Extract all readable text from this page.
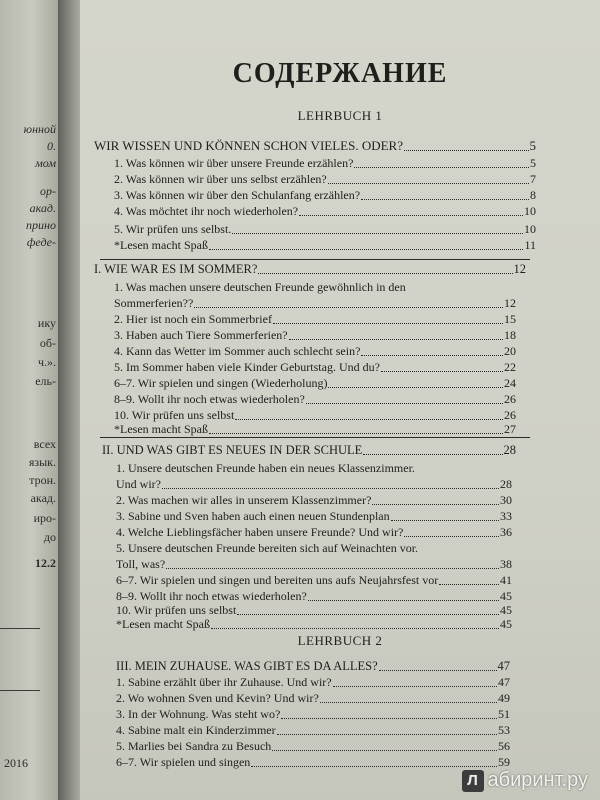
юнной
0.
мом
ор-
акад.
прино
феде-
ику
об-
ч.».
ель-
всех
язык.
трон.
акад.
иро-
до
12.2
2016
СОДЕРЖАНИЕ
LEHRBUCH 1
LEHRBUCH 2
WIR WISSEN UND KÖNNEN SCHON VIELES. ODER?	5
1. Was können wir über unsere Freunde erzählen?	5
2. Was können wir über uns selbst erzählen?	7
3. Was können wir über den Schulanfang erzählen?	8
4. Was möchtet ihr noch wiederholen?	10
5. Wir prüfen uns selbst.	10
*Lesen macht Spaß	11
I. WIE WAR ES IM SOMMER?	12
1. Was machen unsere deutschen Freunde gewöhnlich in den
Sommerferien??	12
2. Hier ist noch ein Sommerbrief	15
3. Haben auch Tiere Sommerferien?	18
4. Kann das Wetter im Sommer auch schlecht sein?	20
5. Im Sommer haben viele Kinder Geburtstag. Und du?	22
6–7. Wir spielen und singen (Wiederholung)	24
8–9. Wollt ihr noch etwas wiederholen?	26
10. Wir prüfen uns selbst	26
*Lesen macht Spaß	27
II. UND WAS GIBT ES NEUES IN DER SCHULE	28
1. Unsere deutschen Freunde haben ein neues Klassenzimmer.
Und wir?	28
2. Was machen wir alles in unserem Klassenzimmer?	30
3. Sabine und Sven haben auch einen neuen Stundenplan	33
4. Welche Lieblingsfächer haben unsere Freunde? Und wir?	36
5. Unsere deutschen Freunde bereiten sich auf Weinachten vor.
Toll, was?	38
6–7. Wir spielen und singen und bereiten uns aufs Neujahrsfest vor	41
8–9. Wollt ihr noch etwas wiederholen?	45
10. Wir prüfen uns selbst	45
*Lesen macht Spaß	45
III. MEIN ZUHAUSE. WAS GIBT ES DA ALLES?	47
1. Sabine erzählt über ihr Zuhause. Und wir?	47
2. Wo wohnen Sven und Kevin? Und wir?	49
3. In der Wohnung. Was steht wo?	51
4. Sabine malt ein Kinderzimmer	53
5. Marlies bei Sandra zu Besuch	56
6–7. Wir spielen und singen	59
Л абиринт.ру
